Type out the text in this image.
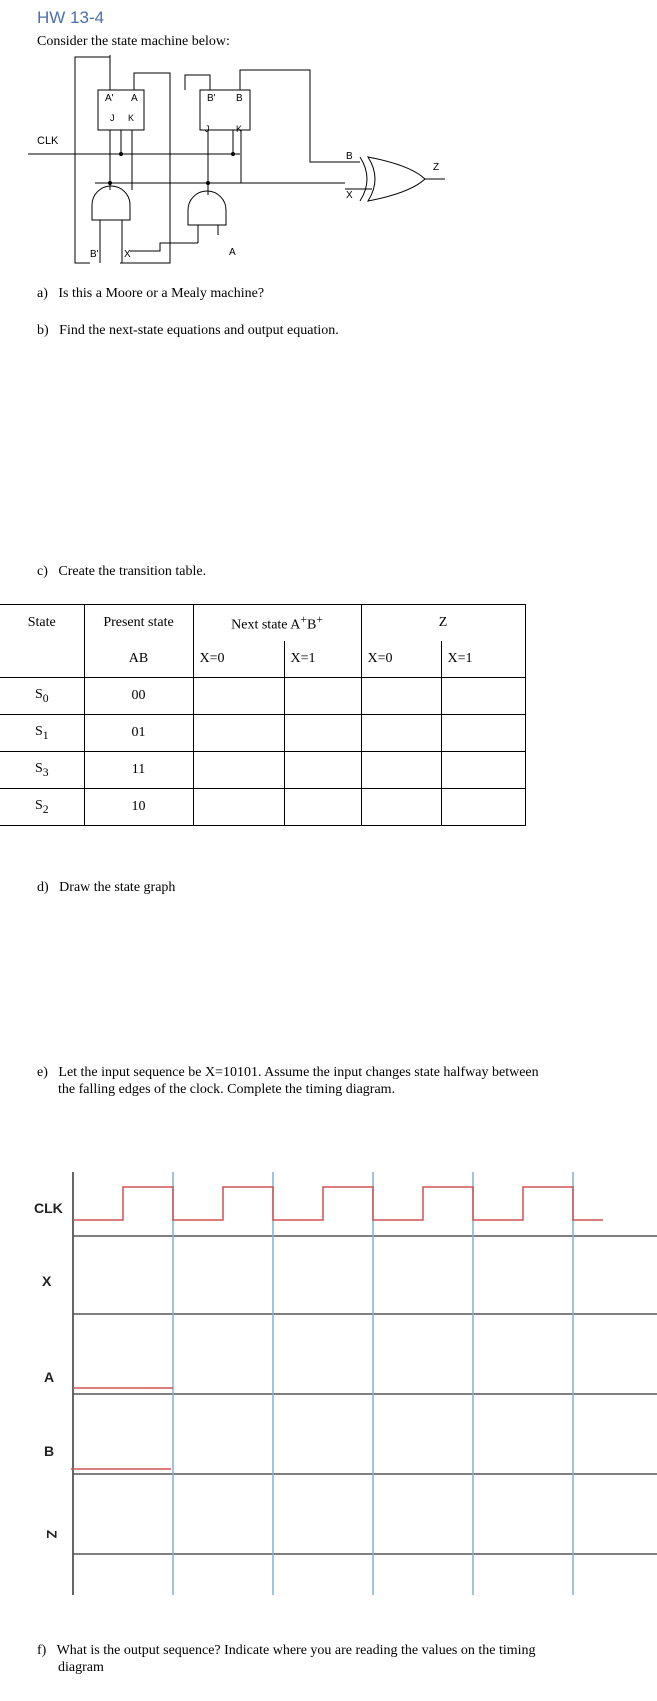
HW 13-4
Consider the state machine below:
A' A
J K
B' B
J	K
CLK
B
X
Z
B'	X	A
a) Is this a Moore or a Mealy machine?
b) Find the next-state equations and output equation.
c) Create the transition table.
State	Present state	Next state A+B+		Z	
	AB	X=0	X=1	X=0	X=1
$S_0$	00				
$S_1$	01				
$S_3$	11				
$S_2$	10				
d) Draw the state graph
e) Let the input sequence be X=10101. Assume the input changes state halfway between
the falling edges of the clock. Complete the timing diagram.
CLK
X
A
B
Z
f) What is the output sequence? Indicate where you are reading the values on the timing
diagram
